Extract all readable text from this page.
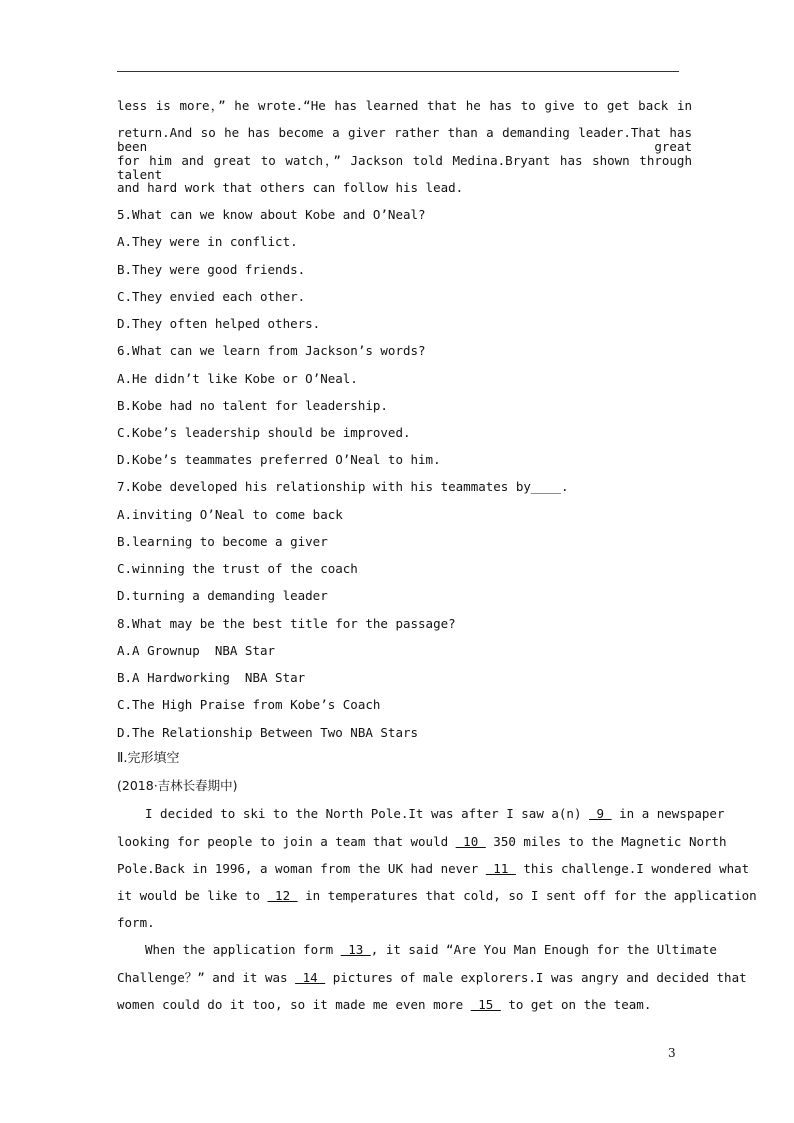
less is more，” he wrote.“He has learned that he has to give to get back in
return.And so he has become a giver rather than a demanding leader.That has been great
for him and great to watch，” Jackson told Medina.Bryant has shown through talent
and hard work that others can follow his lead.
5.What can we know about Kobe and O’Neal?
A.They were in conflict.
B.They were good friends.
C.They envied each other.
D.They often helped others.
6.What can we learn from Jackson’s words?
A.He didn’t like Kobe or O’Neal.
B.Kobe had no talent for leadership.
C.Kobe’s leadership should be improved.
D.Kobe’s teammates preferred O’Neal to him.
7.Kobe developed his relationship with his teammates by____.
A.inviting O’Neal to come back
B.learning to become a giver
C.winning the trust of the coach
D.turning a demanding leader
8.What may be the best title for the passage?
A.A Grownup  NBA Star
B.A Hardworking  NBA Star
C.The High Praise from Kobe’s Coach
D.The Relationship Between Two NBA Stars
Ⅱ.完形填空
(2018·吉林长春期中)
I decided to ski to the North Pole.It was after I saw a(n)  9  in a newspaper
looking for people to join a team that would  10  350 miles to the Magnetic North
Pole.Back in 1996, a woman from the UK had never  11  this challenge.I wondered what
it would be like to  12  in temperatures that cold, so I sent off for the application
form.
When the application form  13 , it said “Are You Man Enough for the Ultimate
Challenge？” and it was  14  pictures of male explorers.I was angry and decided that
women could do it too, so it made me even more  15  to get on the team.
3
